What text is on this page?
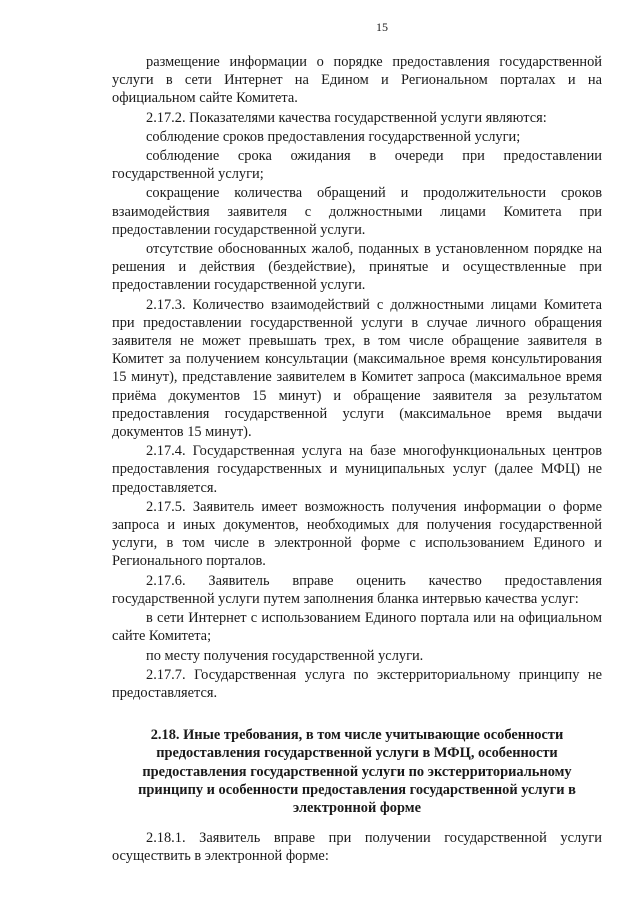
15

размещение информации о порядке предоставления государственной услуги в сети Интернет на Едином и Региональном порталах и на официальном сайте Комитета.

2.17.2. Показателями качества государственной услуги являются:

соблюдение сроков предоставления государственной услуги;

соблюдение срока ожидания в очереди при предоставлении государственной услуги;

сокращение количества обращений и продолжительности сроков взаимодействия заявителя с должностными лицами Комитета при предоставлении государственной услуги.

отсутствие обоснованных жалоб, поданных в установленном порядке на решения и действия (бездействие), принятые и осуществленные при предоставлении государственной услуги.

2.17.3. Количество взаимодействий с должностными лицами Комитета при предоставлении государственной услуги в случае личного обращения заявителя не может превышать трех, в том числе обращение заявителя в Комитет за получением консультации (максимальное время консультирования 15 минут), представление заявителем в Комитет запроса (максимальное время приёма документов 15 минут) и обращение заявителя за результатом предоставления государственной услуги (максимальное время выдачи документов 15 минут).

2.17.4. Государственная услуга на базе многофункциональных центров предоставления государственных и муниципальных услуг (далее МФЦ) не предоставляется.

2.17.5. Заявитель имеет возможность получения информации о форме запроса и иных документов, необходимых для получения государственной услуги, в том числе в электронной форме с использованием Единого и Регионального порталов.

2.17.6. Заявитель вправе оценить качество предоставления государственной услуги путем заполнения бланка интервью качества услуг:

в сети Интернет с использованием Единого портала или на официальном сайте Комитета;

по месту получения государственной услуги.

2.17.7. Государственная услуга по экстерриториальному принципу не предоставляется.

2.18. Иные требования, в том числе учитывающие особенности
предоставления государственной услуги в МФЦ, особенности
предоставления государственной услуги по экстерриториальному
принципу и особенности предоставления государственной услуги в
электронной форме

2.18.1. Заявитель вправе при получении государственной услуги осуществить в электронной форме:
